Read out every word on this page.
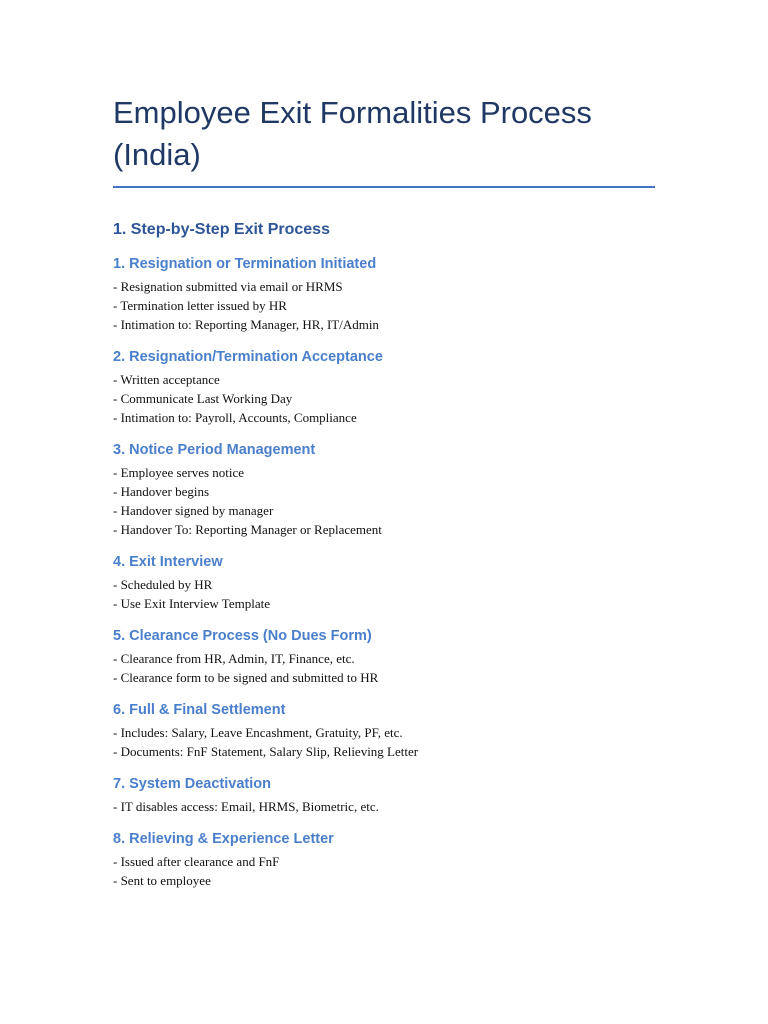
Employee Exit Formalities Process (India)
1. Step-by-Step Exit Process
1. Resignation or Termination Initiated

- Resignation submitted via email or HRMS

- Termination letter issued by HR

- Intimation to: Reporting Manager, HR, IT/Admin

2. Resignation/Termination Acceptance

- Written acceptance

- Communicate Last Working Day

- Intimation to: Payroll, Accounts, Compliance

3. Notice Period Management

- Employee serves notice

- Handover begins

- Handover signed by manager

- Handover To: Reporting Manager or Replacement

4. Exit Interview

- Scheduled by HR

- Use Exit Interview Template

5. Clearance Process (No Dues Form)

- Clearance from HR, Admin, IT, Finance, etc.

- Clearance form to be signed and submitted to HR

6. Full & Final Settlement

- Includes: Salary, Leave Encashment, Gratuity, PF, etc.

- Documents: FnF Statement, Salary Slip, Relieving Letter

7. System Deactivation

- IT disables access: Email, HRMS, Biometric, etc.

8. Relieving & Experience Letter

- Issued after clearance and FnF

- Sent to employee
